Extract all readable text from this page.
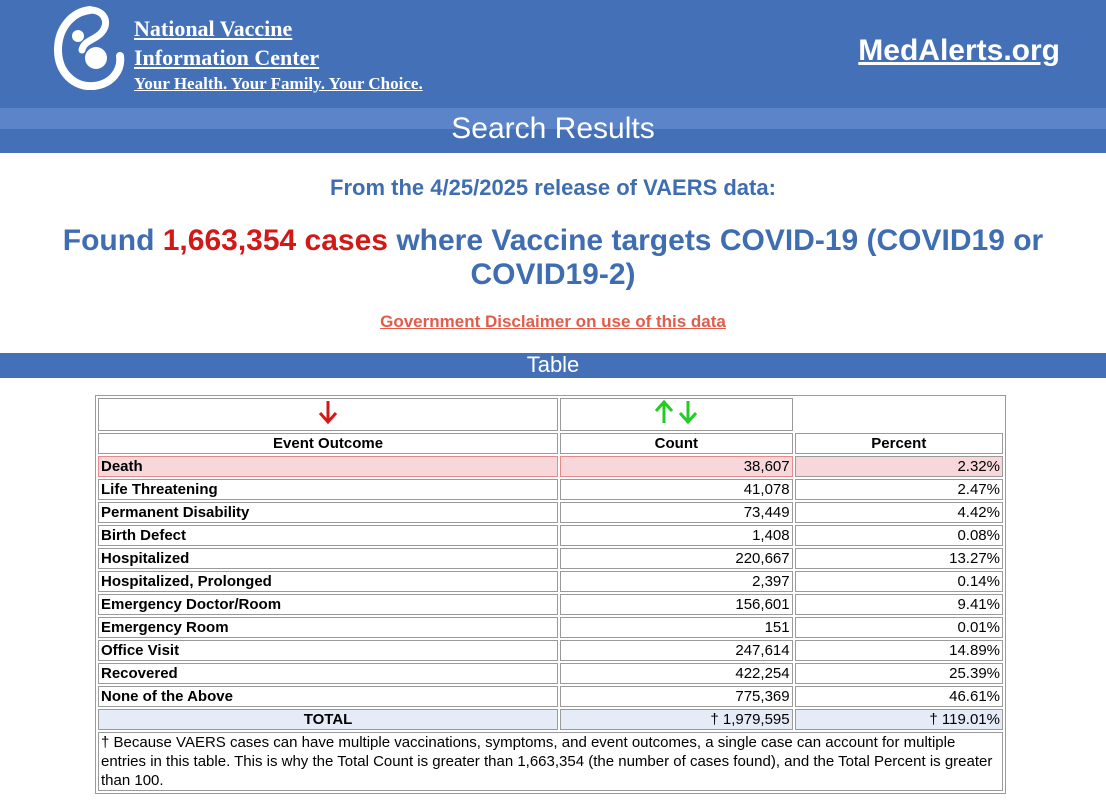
National Vaccine
Information Center
Your Health. Your Family. Your Choice.
MedAlerts.org
Search Results
From the 4/25/2025 release of VAERS data:
Found 1,663,354 cases where Vaccine targets COVID-19 (COVID19 or COVID19-2)
Government Disclaimer on use of this data
Table

Event Outcome	Count	Percent
Death	38,607	2.32%
Life Threatening	41,078	2.47%
Permanent Disability	73,449	4.42%
Birth Defect	1,408	0.08%
Hospitalized	220,667	13.27%
Hospitalized, Prolonged	2,397	0.14%
Emergency Doctor/Room	156,601	9.41%
Emergency Room	151	0.01%
Office Visit	247,614	14.89%
Recovered	422,254	25.39%
None of the Above	775,369	46.61%
TOTAL	† 1,979,595	† 119.01%
† Because VAERS cases can have multiple vaccinations, symptoms, and event outcomes, a single case can account for multiple entries in this table. This is why the Total Count is greater than 1,663,354 (the number of cases found), and the Total Percent is greater than 100.		
